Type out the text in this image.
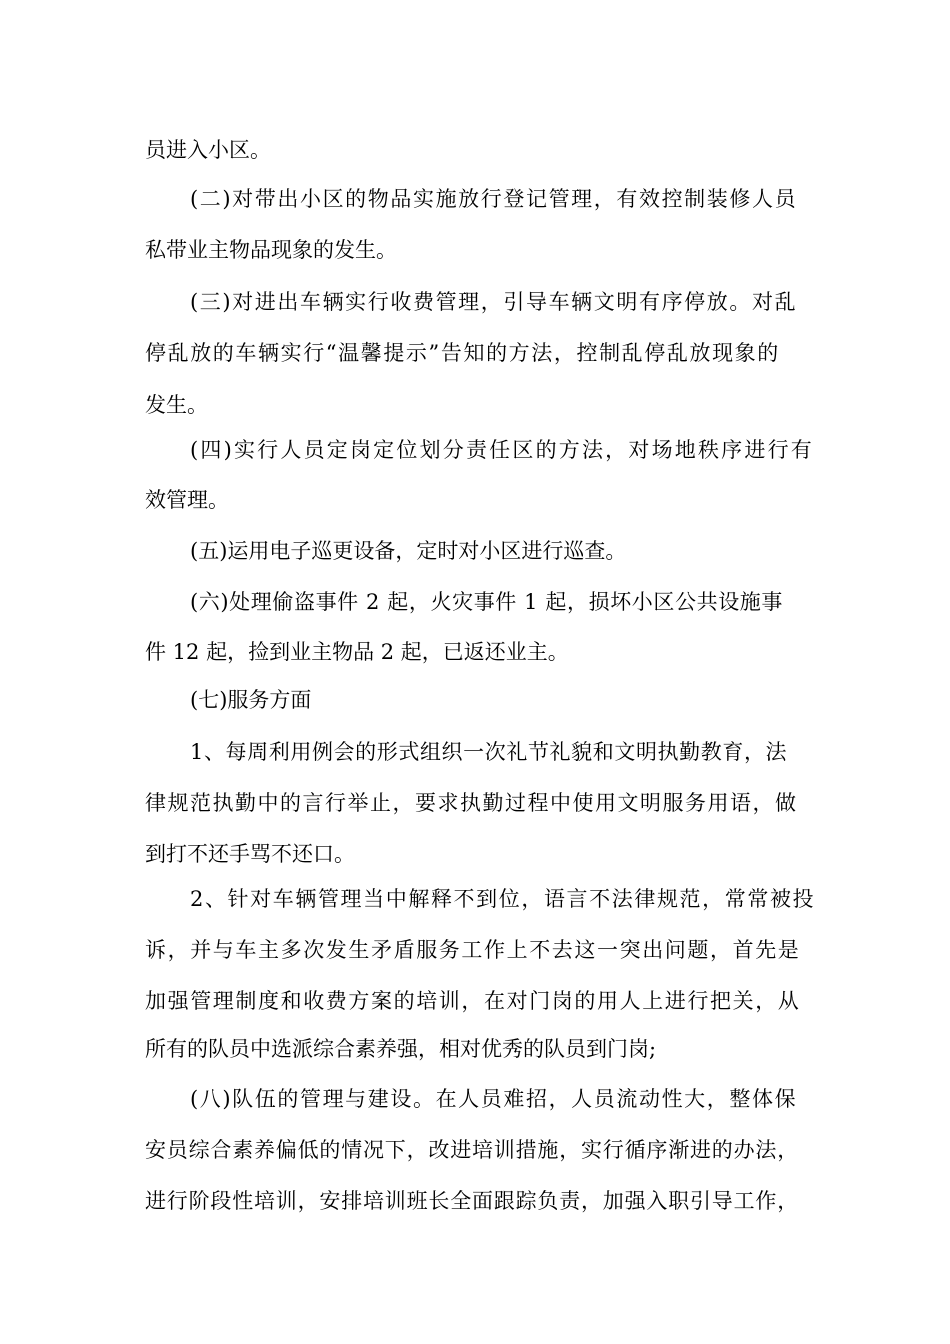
员进入小区。
(二)对带出小区的物品实施放行登记管理，有效控制装修人员
私带业主物品现象的发生。
(三)对进出车辆实行收费管理，引导车辆文明有序停放。对乱
停乱放的车辆实行“温馨提示”告知的方法，控制乱停乱放现象的
发生。
(四)实行人员定岗定位划分责任区的方法，对场地秩序进行有
效管理。
(五)运用电子巡更设备，定时对小区进行巡查。
(六)处理偷盗事件 2 起，火灾事件 1 起，损坏小区公共设施事
件 12 起，捡到业主物品 2 起，已返还业主。
(七)服务方面
1、每周利用例会的形式组织一次礼节礼貌和文明执勤教育，法
律规范执勤中的言行举止，要求执勤过程中使用文明服务用语，做
到打不还手骂不还口。
2、针对车辆管理当中解释不到位，语言不法律规范，常常被投
诉，并与车主多次发生矛盾服务工作上不去这一突出问题，首先是
加强管理制度和收费方案的培训，在对门岗的用人上进行把关，从
所有的队员中选派综合素养强，相对优秀的队员到门岗;
(八)队伍的管理与建设。在人员难招，人员流动性大，整体保
安员综合素养偏低的情况下，改进培训措施，实行循序渐进的办法，
进行阶段性培训，安排培训班长全面跟踪负责，加强入职引导工作，
